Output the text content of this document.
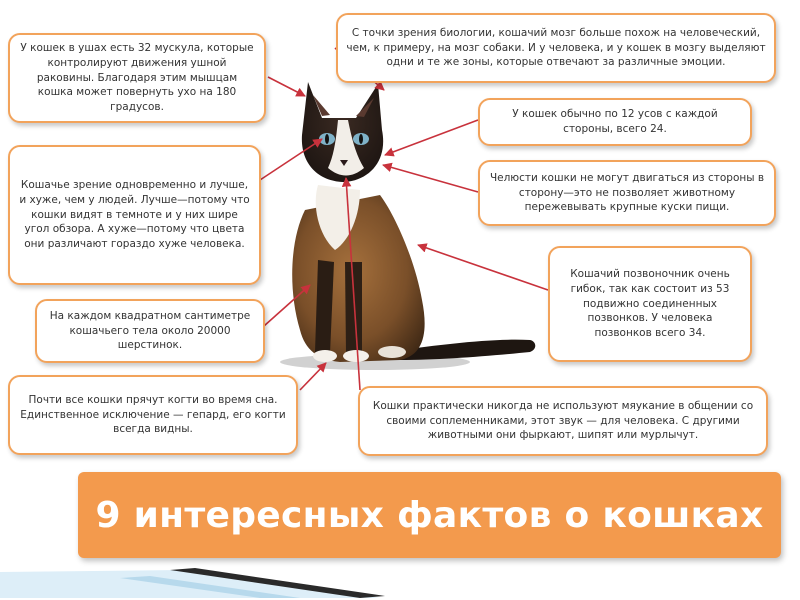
У кошек в ушах есть 32 мускула, которые контролируют движения ушной раковины. Благодаря этим мышцам кошка может повернуть ухо на 180 градусов.
С точки зрения биологии, кошачий мозг больше похож на человеческий, чем, к примеру, на мозг собаки. И у человека, и у кошек в мозгу выделяют одни и те же зоны, которые отвечают за различные эмоции.
У кошек обычно по 12 усов с каждой стороны, всего 24.
Кошачье зрение одновременно и лучше, и хуже, чем у людей. Лучше—потому что кошки видят в темноте и у них шире угол обзора. А хуже—потому что цвета они различают гораздо хуже человека.
Челюсти кошки не могут двигаться из стороны в сторону—это не позволяет животному пережевывать крупные куски пищи.
Кошачий позвоночник очень гибок, так как состоит из 53 подвижно соединенных позвонков. У человека позвонков всего 34.
На каждом квадратном сантиметре кошачьего тела около 20000 шерстинок.
Почти все кошки прячут когти во время сна. Единственное исключение — гепард, его когти всегда видны.
Кошки практически никогда не используют мяукание в общении со своими соплеменниками, этот звук — для человека. С другими животными они фыркают, шипят или мурлычут.
9 интересных фактов о кошках
